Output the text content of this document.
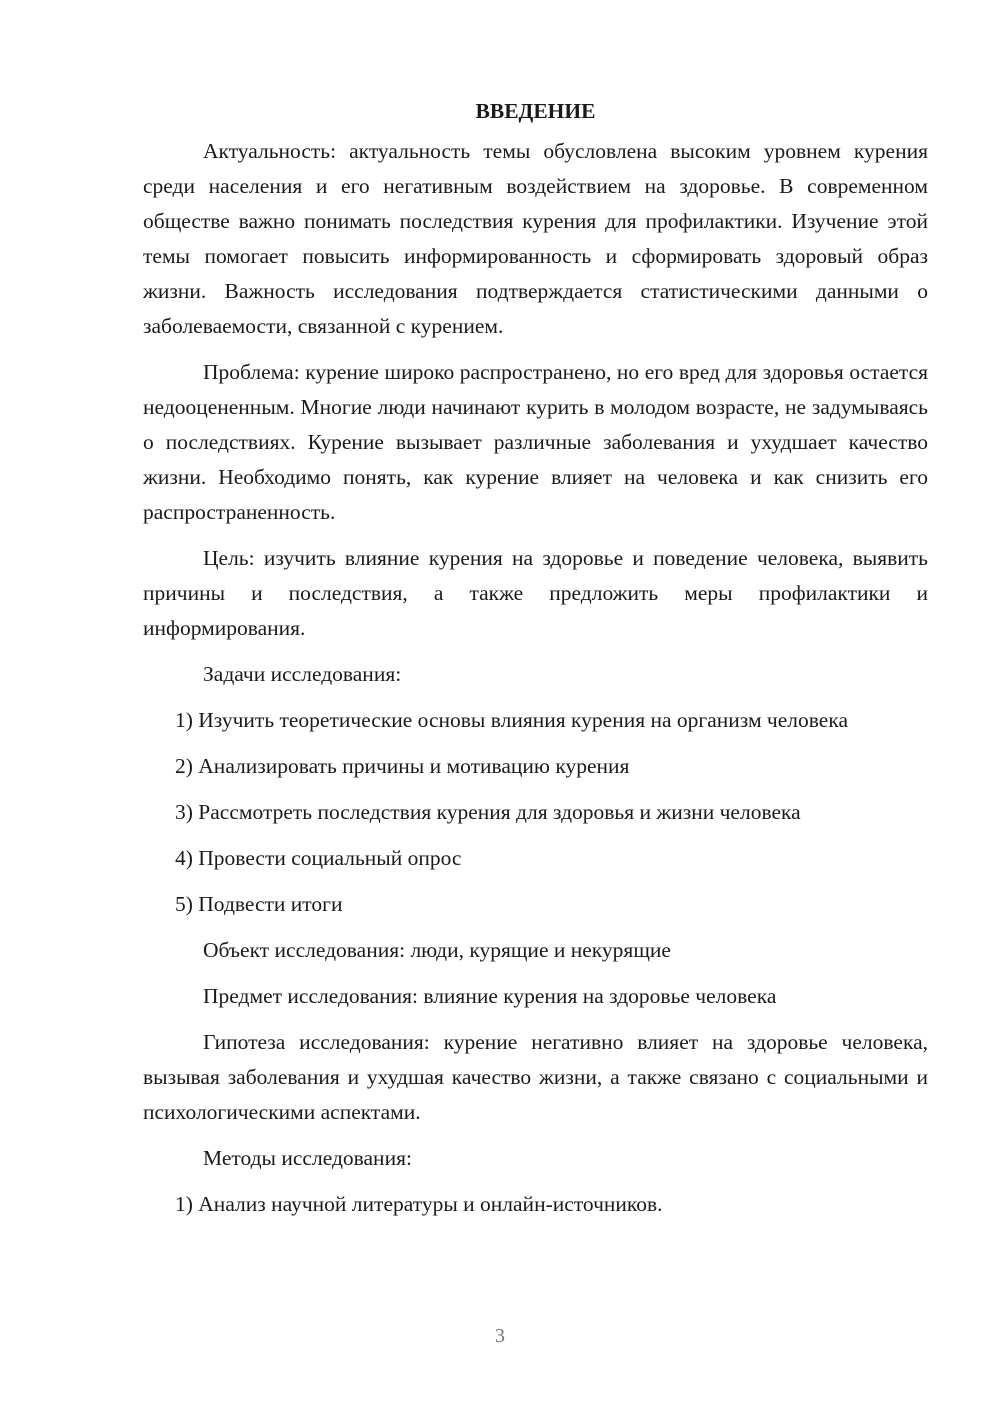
ВВЕДЕНИЕ
Актуальность: актуальность темы обусловлена высоким уровнем курения среди населения и его негативным воздействием на здоровье. В современном обществе важно понимать последствия курения для профилактики. Изучение этой темы помогает повысить информированность и сформировать здоровый образ жизни. Важность исследования подтверждается статистическими данными о заболеваемости, связанной с курением.
Проблема: курение широко распространено, но его вред для здоровья остается недооцененным. Многие люди начинают курить в молодом возрасте, не задумываясь о последствиях. Курение вызывает различные заболевания и ухудшает качество жизни. Необходимо понять, как курение влияет на человека и как снизить его распространенность.
Цель: изучить влияние курения на здоровье и поведение человека, выявить причины и последствия, а также предложить меры профилактики и информирования.
Задачи исследования:
1) Изучить теоретические основы влияния курения на организм человека
2) Анализировать причины и мотивацию курения
3) Рассмотреть последствия курения для здоровья и жизни человека
4) Провести социальный опрос
5) Подвести итоги
Объект исследования: люди, курящие и некурящие
Предмет исследования: влияние курения на здоровье человека
Гипотеза исследования: курение негативно влияет на здоровье человека, вызывая заболевания и ухудшая качество жизни, а также связано с социальными и психологическими аспектами.
Методы исследования:
1) Анализ научной литературы и онлайн-источников.
3
